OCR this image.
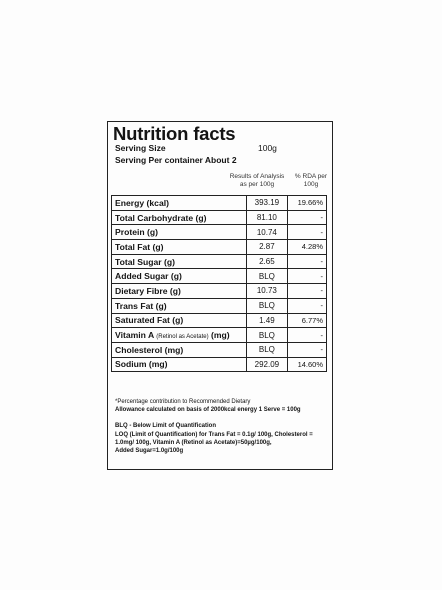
Nutrition facts
Serving Size	100g
Serving Per container About 2
Results of Analysis as per 100g
% RDA per 100g
Energy (kcal)	393.19	19.66%
Total Carbohydrate (g)	81.10	-
Protein (g)	10.74	-
Total Fat (g)	2.87	4.28%
Total Sugar (g)	2.65	-
Added Sugar (g)	BLQ	-
Dietary Fibre (g)	10.73	-
Trans Fat (g)	BLQ	-
Saturated Fat (g)	1.49	6.77%
Vitamin A (Retinol as Acetate) (mg)	BLQ	-
Cholesterol (mg)	BLQ	-
Sodium (mg)	292.09	14.60%
*Percentage contribution to Recommended Dietary
Allowance calculated on basis of 2000kcal energy 1 Serve = 100g
BLQ - Below Limit of Quantification
LOQ (Limit of Quantification) for Trans Fat = 0.1g/ 100g, Cholesterol =
1.0mg/ 100g, Vitamin A (Retinol as Acetate)=50µg/100g,
Added Sugar=1.0g/100g
